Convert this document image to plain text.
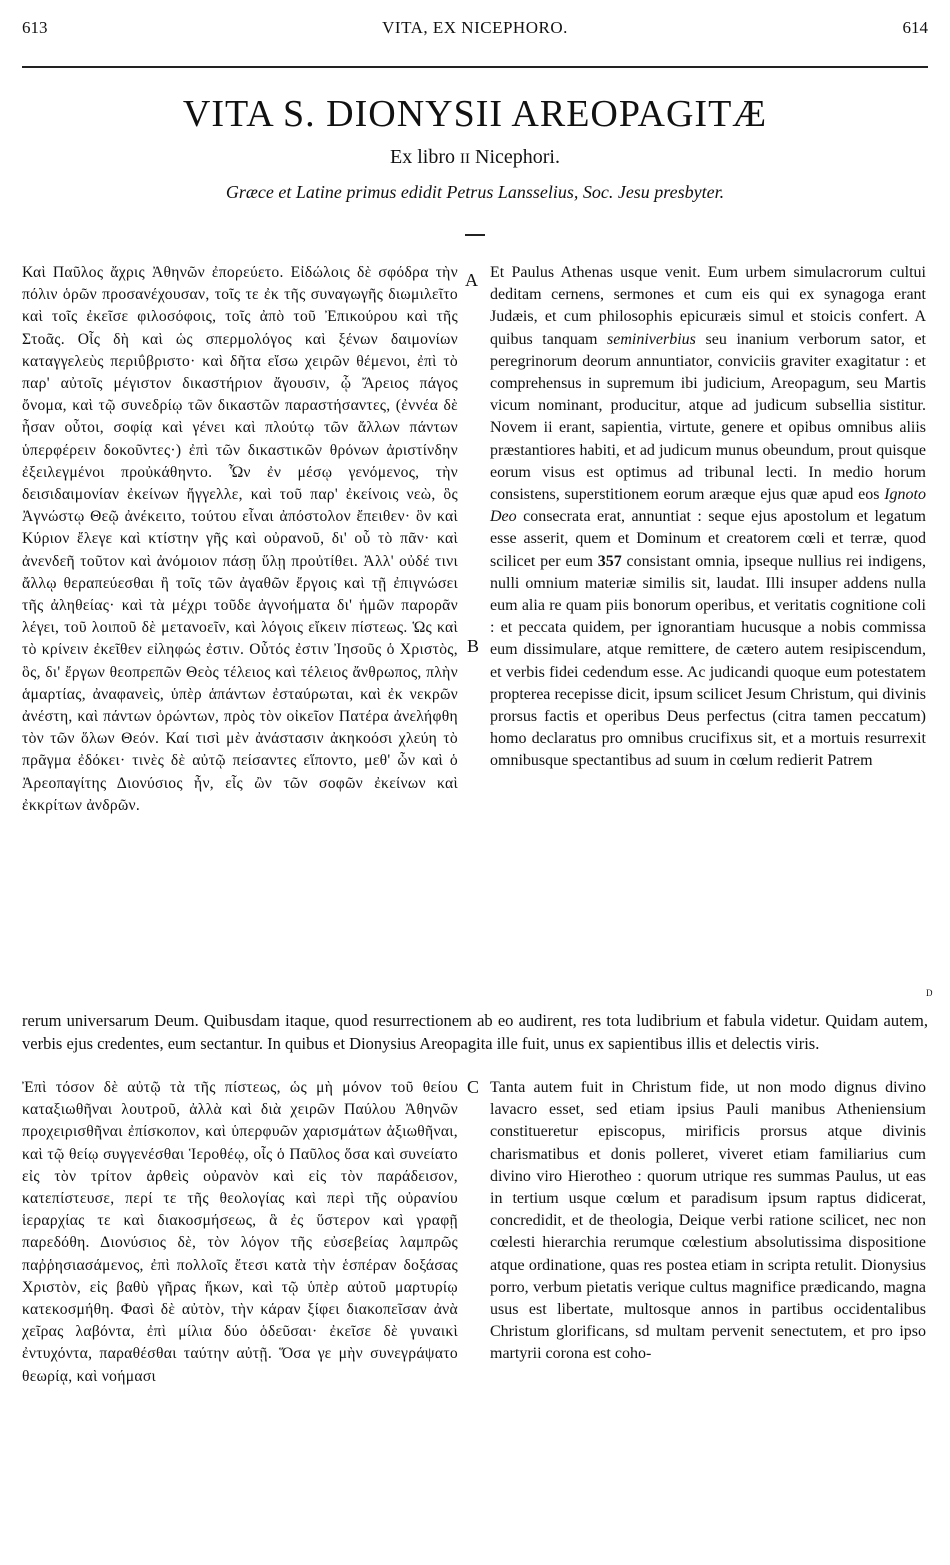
613	VITA, EX NICEPHORO.	614
VITA S. DIONYSII AREOPAGITÆ
Ex libro II Nicephori.
Græce et Latine primus edidit Petrus Lansselius, Soc. Jesu presbyter.

Καὶ Παῦλος ἄχρις Ἀθηνῶν ἐπορεύετο. Εἰδώλοις δὲ σφόδρα τὴν πόλιν ὁρῶν προσανέχουσαν, τοῖς τε ἐκ τῆς συναγωγῆς διωμιλεῖτο καὶ τοῖς ἐκεῖσε φιλοσόφοις, τοῖς ἀπὸ τοῦ Ἐπικούρου καὶ τῆς Στοᾶς. Οἷς δὴ καὶ ὡς σπερμολόγος καὶ ξένων δαιμονίων καταγγελεὺς περιΰβριστο· καὶ δῆτα εἴσω χειρῶν θέμενοι, ἐπὶ τὸ παρ' αὐτοῖς μέγιστον δικαστήριον ἄγουσιν, ᾧ Ἄρειος πάγος ὄνομα, καὶ τῷ συνεδρίῳ τῶν δικαστῶν παραστήσαντες, (ἐννέα δὲ ἦσαν οὗτοι, σοφίᾳ καὶ γένει καὶ πλούτῳ τῶν ἄλλων πάντων ὑπερφέρειν δοκοῦντες·) ἐπὶ τῶν δικαστικῶν θρόνων ἀριστίνδην ἐξειλεγμένοι προὐκάθηντο. Ὧν ἐν μέσῳ γενόμενος, τὴν δεισιδαιμονίαν ἐκείνων ἤγγελλε, καὶ τοῦ παρ' ἐκείνοις νεὼ, ὃς Ἀγνώστῳ Θεῷ ἀνέκειτο, τούτου εἶναι ἀπόστολον ἔπειθεν· ὃν καὶ Κύριον ἔλεγε καὶ κτίστην γῆς καὶ οὐρανοῦ, δι' οὗ τὸ πᾶν· καὶ ἀνενδεῆ τοῦτον καὶ ἀνόμοιον πάσῃ ὕλῃ προὐτίθει. Ἀλλ' οὐδέ τινι ἄλλῳ θεραπεύεσθαι ἢ τοῖς τῶν ἀγαθῶν ἔργοις καὶ τῇ ἐπιγνώσει τῆς ἀληθείας· καὶ τὰ μέχρι τοῦδε ἀγνοήματα δι' ἡμῶν παρορᾶν λέγει, τοῦ λοιποῦ δὲ μετανοεῖν, καὶ λόγοις εἴκειν πίστεως. Ὡς καὶ τὸ κρίνειν ἐκεῖθεν εἰληφώς ἐστιν. Οὗτός ἐστιν Ἰησοῦς ὁ Χριστὸς, ὃς, δι' ἔργων θεοπρεπῶν Θεὸς τέλειος καὶ τέλειος ἄνθρωπος, πλὴν ἁμαρτίας, ἀναφανεὶς, ὑπὲρ ἁπάντων ἐσταύρωται, καὶ ἐκ νεκρῶν ἀνέστη, καὶ πάντων ὁρώντων, πρὸς τὸν οἰκεῖον Πατέρα ἀνελήφθη τὸν τῶν ὅλων Θεόν. Καί τισὶ μὲν ἀνάστασιν ἀκηκοόσι χλεύη τὸ πρᾶγμα ἐδόκει· τινὲς δὲ αὐτῷ πείσαντες εἵποντο, μεθ' ὧν καὶ ὁ Ἀρεοπαγίτης Διονύσιος ἦν, εἷς ὢν τῶν σοφῶν ἐκείνων καὶ ἐκκρίτων ἀνδρῶν.

Et Paulus Athenas usque venit. Eum urbem simulacrorum cultui deditam cernens, sermones et cum eis qui ex synagoga erant Judæis, et cum philosophis epicuræis simul et stoicis confert. A quibus tanquam seminiverbius seu inanium verborum sator, et peregrinorum deorum annuntiator, conviciis graviter exagitatur : et comprehensus in supremum ibi judicium, Areopagum, seu Martis vicum nominant, producitur, atque ad judicum subsellia sistitur. Novem ii erant, sapientia, virtute, genere et opibus omnibus aliis præstantiores habiti, et ad judicum munus obeundum, prout quisque eorum visus est optimus ad tribunal lecti. In medio horum consistens, superstitionem eorum aræque ejus quæ apud eos Ignoto Deo consecrata erat, annuntiat : seque ejus apostolum et legatum esse asserit, quem et Dominum et creatorem cœli et terræ, quod scilicet per eum 357 consistant omnia, ipseque nullius rei indigens, nulli omnium materiæ similis sit, laudat. Illi insuper addens nulla eum alia re quam piis bonorum operibus, et veritatis cognitione coli : et peccata quidem, per ignorantiam hucusque a nobis commissa eum dissimulare, atque remittere, de cætero autem resipiscendum, et verbis fidei cedendum esse. Ac judicandi quoque eum potestatem propterea recepisse dicit, ipsum scilicet Jesum Christum, qui divinis prorsus factis et operibus Deus perfectus (citra tamen peccatum) homo declaratus pro omnibus crucifixus sit, et a mortuis resurrexit omnibusque spectantibus ad suum in cœlum redierit Patrem

A
B
D

rerum universarum Deum. Quibusdam itaque, quod resurrectionem ab eo audirent, res tota ludibrium et fabula videtur. Quidam autem, verbis ejus credentes, eum sectantur. In quibus et Dionysius Areopagita ille fuit, unus ex sapientibus illis et delectis viris.

Ἐπὶ τόσον δὲ αὐτῷ τὰ τῆς πίστεως, ὡς μὴ μόνον τοῦ θείου καταξιωθῆναι λουτροῦ, ἀλλὰ καὶ διὰ χειρῶν Παύλου Ἀθηνῶν προχειρισθῆναι ἐπίσκοπον, καὶ ὑπερφυῶν χαρισμάτων ἀξιωθῆναι, καὶ τῷ θείῳ συγγενέσθαι Ἱεροθέῳ, οἷς ὁ Παῦλος ὅσα καὶ συνείατο εἰς τὸν τρίτον ἀρθεὶς οὐρανὸν καὶ εἰς τὸν παράδεισον, κατεπίστευσε, περί τε τῆς θεολογίας καὶ περὶ τῆς οὐρανίου ἱεραρχίας τε καὶ διακοσμήσεως, ἃ ἐς ὕστερον καὶ γραφῇ παρεδόθη. Διονύσιος δὲ, τὸν λόγον τῆς εὐσεβείας λαμπρῶς παῤῥησιασάμενος, ἐπὶ πολλοῖς ἔτεσι κατὰ τὴν ἑσπέραν δοξάσας Χριστὸν, εἰς βαθὺ γῆρας ἥκων, καὶ τῷ ὑπὲρ αὐτοῦ μαρτυρίῳ κατεκοσμήθη. Φασὶ δὲ αὐτὸν, τὴν κάραν ξίφει διακοπεῖσαν ἀνὰ χεῖρας λαβόντα, ἐπὶ μίλια δύο ὁδεῦσαι· ἐκεῖσε δὲ γυναικὶ ἐντυχόντα, παραθέσθαι ταύτην αὐτῇ. Ὅσα γε μὴν συνεγράψατο θεωρίᾳ, καὶ νοήμασι

C Tanta autem fuit in Christum fide, ut non modo dignus divino lavacro esset, sed etiam ipsius Pauli manibus Atheniensium constitueretur episcopus, mirificis prorsus atque divinis charismatibus et donis polleret, viveret etiam familiarius cum divino viro Hierotheo : quorum utrique res summas Paulus, ut eas in tertium usque cœlum et paradisum ipsum raptus didicerat, concredidit, et de theologia, Deique verbi ratione scilicet, nec non cœlesti hierarchia rerumque cœlestium absolutissima dispositione atque ordinatione, quas res postea etiam in scripta retulit. Dionysius porro, verbum pietatis verique cultus magnifice prædicando, magna usus est libertate, multosque annos in partibus occidentalibus Christum glorificans, sd multam pervenit senectutem, et pro ipso martyrii corona est coho-
